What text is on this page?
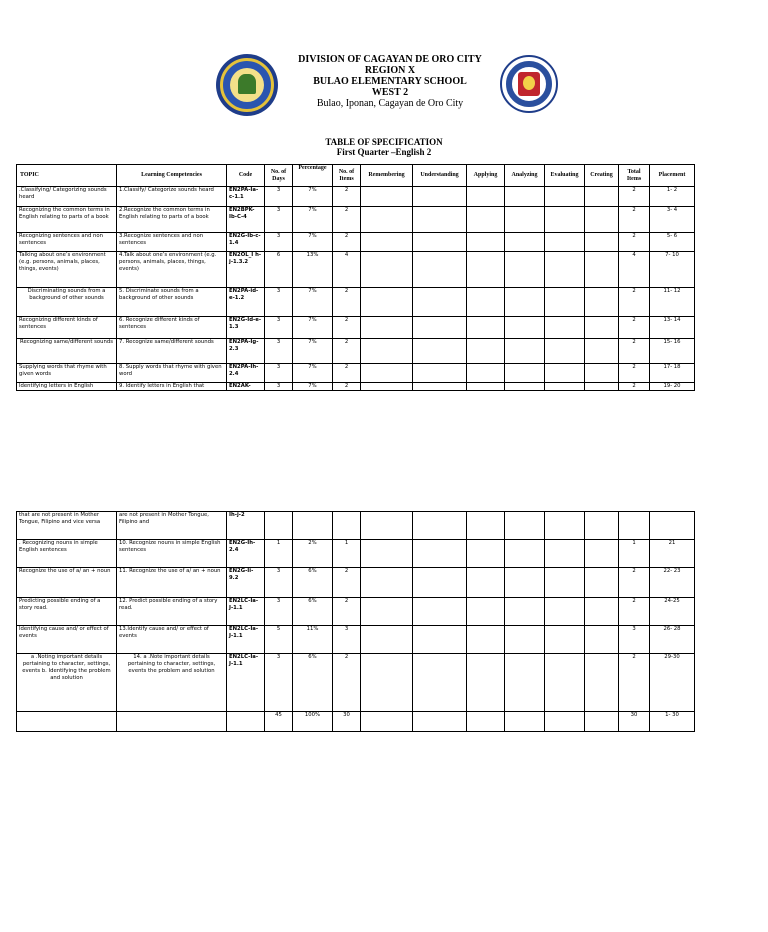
DIVISION OF CAGAYAN DE ORO CITY
REGION X
BULAO ELEMENTARY SCHOOL
WEST 2
Bulao, Iponan, Cagayan de Oro City
TABLE OF SPECIFICATION
First Quarter –English 2
TOPIC	Learning Competencies	Code	No. of Days	Percentage	No. of Items	Remembering	Understanding	Applying	Analyzing	Evaluating	Creating	Total Items	Placement
.Classifying/ Categorizing sounds heard	1.Classify/ Categorize sounds heard	EN2PA-Ia-c-1.1	3	7%	2							2	1- 2
Recognizing the common terms in English relating to parts of a book	2.Recognize the common terms in English relating to parts of a book	EN2BPK-Ib-C-4	3	7%	2							2	3- 4
Recognizing sentences and non sentences	3.Recognize sentences and non sentences	EN2G-Ib-c-1.4	3	7%	2							2	5- 6
Talking about one’s environment (e.g. persons, animals, places, things, events)	4.Talk about one’s environment (e.g. persons, animals, places, things, events)	EN2OL_I h-j-1.3.2	6	13%	4							4	7- 10
Discriminating sounds from a background of other sounds	5. Discriminate sounds from a background of other sounds	EN2PA-id-e-1.2	3	7%	2							2	11- 12
Recognizing different kinds of sentences	6. Recognize different kinds of sentences	EN2G-Id-e-1.3	3	7%	2							2	13- 14
Recognizing same/different sounds	7. Recognize same/different sounds	EN2PA-Ig-2.3	3	7%	2							2	15- 16
Supplying words that rhyme with given words	8. Supply words that rhyme with given word	EN2PA-Ih-2.4	3	7%	2							2	17- 18
Identifying letters in English	9. Identify letters in English that	EN2AK-	3	7%	2							2	19- 20
that are not present in Mother Tongue, Filipino and vice versa	are not present in Mother Tongue, Filipino and	Ih-j-2											
. Recognizing nouns in simple English sentences	10. Recognize nouns in simple English sentences	EN2G-Ih-2.4	1	2%	1							1	21
Recognize the use of a/ an + noun	11. Recognize the use of a/ an + noun	EN2G-Ii-9.2	3	6%	2							2	22- 23
Predicting possible ending of a story read.	12. Predict possible ending of a story read.	EN2LC-Ia-J-1.1	3	6%	2							2	24-25
Identifying cause and/ or effect of events	13.Identify cause and/ or effect of events	EN2LC-Ia-J-1.1	5	11%	3							3	26- 28
a .Noting important details pertaining to character, settings, events b. Identifying the problem and solution	14. a .Note important details pertaining to character, settings, events the problem and solution	EN2LC-Ia-J-1.1	3	6%	2							2	29-30
			45	100%	30							30	1- 30
